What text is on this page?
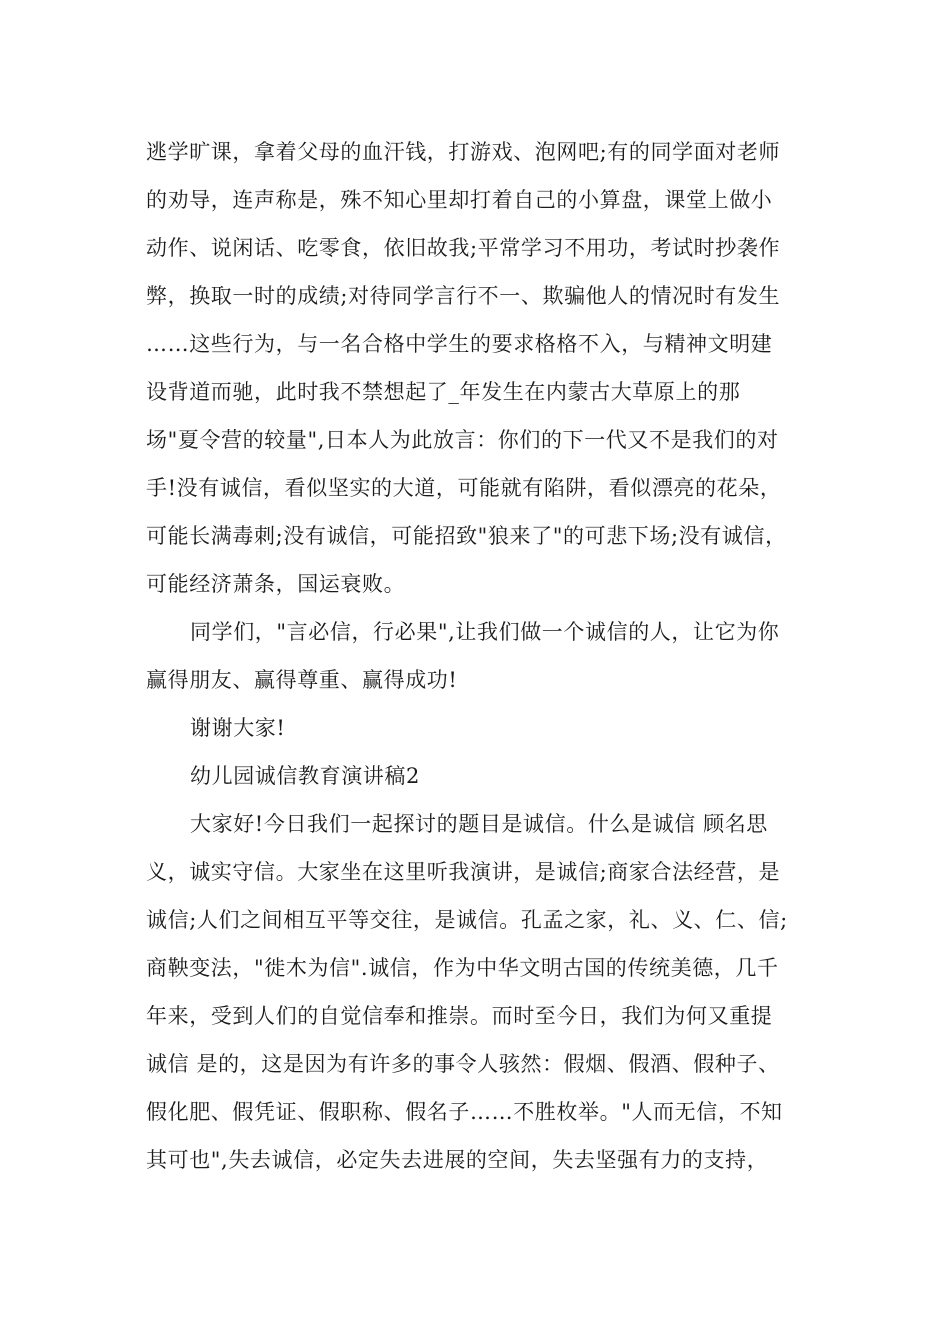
逃学旷课，拿着父母的血汗钱，打游戏、泡网吧;有的同学面对老师
的劝导，连声称是，殊不知心里却打着自己的小算盘，课堂上做小
动作、说闲话、吃零食，依旧故我;平常学习不用功，考试时抄袭作
弊，换取一时的成绩;对待同学言行不一、欺骗他人的情况时有发生
……这些行为，与一名合格中学生的要求格格不入，与精神文明建
设背道而驰，此时我不禁想起了_年发生在内蒙古大草原上的那
场"夏令营的较量",日本人为此放言：你们的下一代又不是我们的对
手!没有诚信，看似坚实的大道，可能就有陷阱，看似漂亮的花朵，
可能长满毒刺;没有诚信，可能招致"狼来了"的可悲下场;没有诚信，
可能经济萧条，国运衰败。
同学们，"言必信，行必果",让我们做一个诚信的人，让它为你
赢得朋友、赢得尊重、赢得成功!
谢谢大家!
幼儿园诚信教育演讲稿2
大家好!今日我们一起探讨的题目是诚信。什么是诚信 顾名思
义，诚实守信。大家坐在这里听我演讲，是诚信;商家合法经营，是
诚信;人们之间相互平等交往，是诚信。孔孟之家，礼、义、仁、信;
商鞅变法，"徙木为信".诚信，作为中华文明古国的传统美德，几千
年来，受到人们的自觉信奉和推崇。而时至今日，我们为何又重提
诚信 是的，这是因为有许多的事令人骇然：假烟、假酒、假种子、
假化肥、假凭证、假职称、假名子……不胜枚举。"人而无信，不知
其可也",失去诚信，必定失去进展的空间，失去坚强有力的支持，
